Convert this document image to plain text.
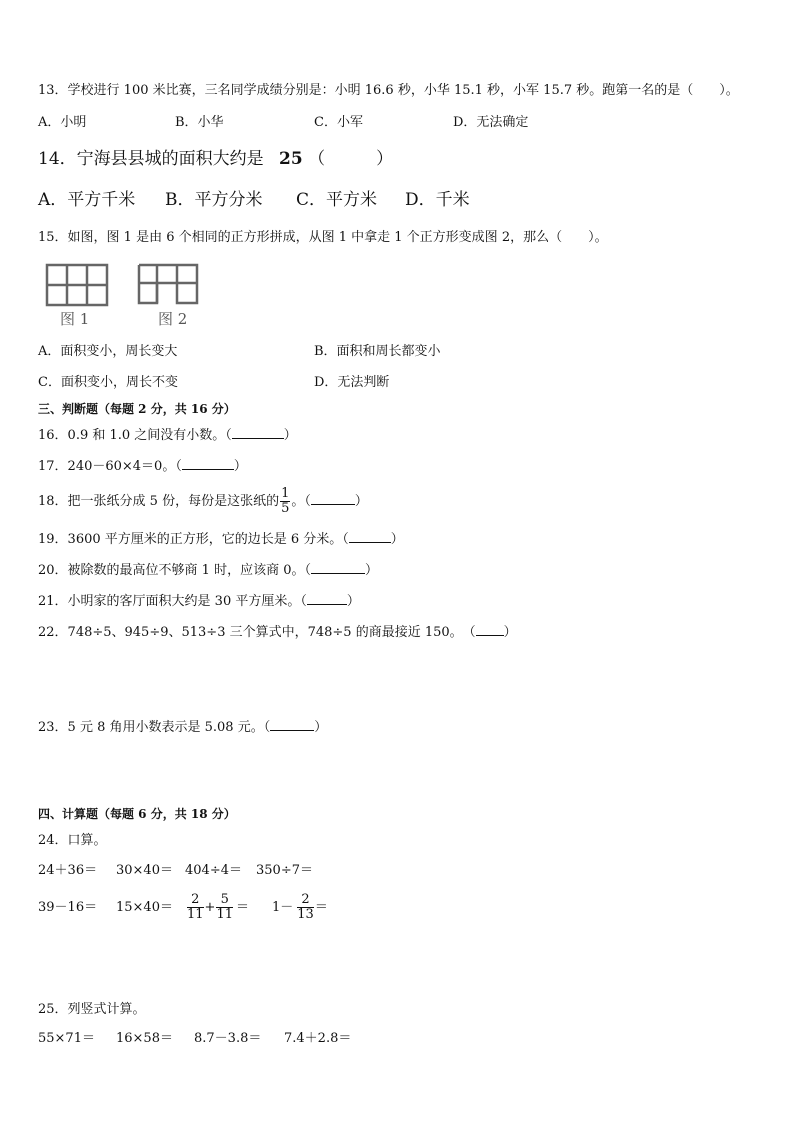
13．学校进行 100 米比赛，三名同学成绩分别是：小明 16.6 秒，小华 15.1 秒，小军 15.7 秒。跑第一名的是（　　）。
A．小明	B．小华	C．小军	D．无法确定
14．宁海县县城的面积大约是 25 （　　　）
A．平方千米 B．平方分米 C．平方米 D．千米
15．如图，图 1 是由 6 个相同的正方形拼成，从图 1 中拿走 1 个正方形变成图 2，那么（　　）。
图 1	图 2
A．面积变小，周长变大	B．面积和周长都变小
C．面积变小，周长不变	D．无法判断
三、判断题（每题 2 分，共 16 分）
16．0.9 和 1.0 之间没有小数。（	）
17．240－60×4＝0。（	）
18．把一张纸分成 5 份，每份是这张纸的 $\frac{1}{5}$ 。（	）
19．3600 平方厘米的正方形，它的边长是 6 分米。（	）
20．被除数的最高位不够商 1 时，应该商 0。（	）
21．小明家的客厅面积大约是 30 平方厘米。（	）
22．748÷5、945÷9、513÷3 三个算式中，748÷5 的商最接近 150。　（ ）
23．5 元 8 角用小数表示是 5.08 元。（	）
四、计算题（每题 6 分，共 18 分）
24．口算。
24＋36＝ 30×40＝ 404÷4＝ 350÷7＝
$39-16= 15\times 40= \frac{2}{11} + \frac{5}{11} = 1- \frac{2}{13}$ ＝
25．列竖式计算。
55×71＝ 16×58＝ 8.7－3.8＝ 7.4＋2.8＝
